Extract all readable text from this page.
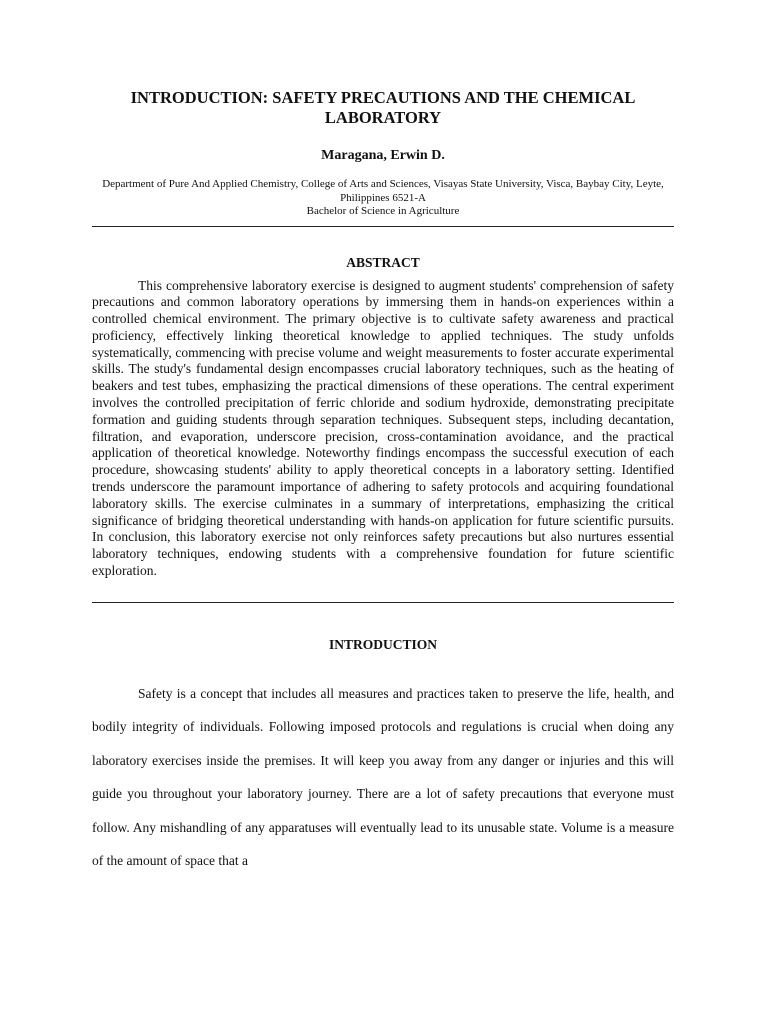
INTRODUCTION: SAFETY PRECAUTIONS AND THE CHEMICAL LABORATORY
Maragana, Erwin D.
Department of Pure And Applied Chemistry, College of Arts and Sciences, Visayas State University, Visca, Baybay City, Leyte, Philippines 6521-A
Bachelor of Science in Agriculture
ABSTRACT

This comprehensive laboratory exercise is designed to augment students' comprehension of safety precautions and common laboratory operations by immersing them in hands-on experiences within a controlled chemical environment. The primary objective is to cultivate safety awareness and practical proficiency, effectively linking theoretical knowledge to applied techniques. The study unfolds systematically, commencing with precise volume and weight measurements to foster accurate experimental skills. The study's fundamental design encompasses crucial laboratory techniques, such as the heating of beakers and test tubes, emphasizing the practical dimensions of these operations. The central experiment involves the controlled precipitation of ferric chloride and sodium hydroxide, demonstrating precipitate formation and guiding students through separation techniques. Subsequent steps, including decantation, filtration, and evaporation, underscore precision, cross-contamination avoidance, and the practical application of theoretical knowledge. Noteworthy findings encompass the successful execution of each procedure, showcasing students' ability to apply theoretical concepts in a laboratory setting. Identified trends underscore the paramount importance of adhering to safety protocols and acquiring foundational laboratory skills. The exercise culminates in a summary of interpretations, emphasizing the critical significance of bridging theoretical understanding with hands-on application for future scientific pursuits. In conclusion, this laboratory exercise not only reinforces safety precautions but also nurtures essential laboratory techniques, endowing students with a comprehensive foundation for future scientific exploration.

INTRODUCTION

Safety is a concept that includes all measures and practices taken to preserve the life, health, and bodily integrity of individuals. Following imposed protocols and regulations is crucial when doing any laboratory exercises inside the premises. It will keep you away from any danger or injuries and this will guide you throughout your laboratory journey. There are a lot of safety precautions that everyone must follow. Any mishandling of any apparatuses will eventually lead to its unusable state. Volume is a measure of the amount of space that a
